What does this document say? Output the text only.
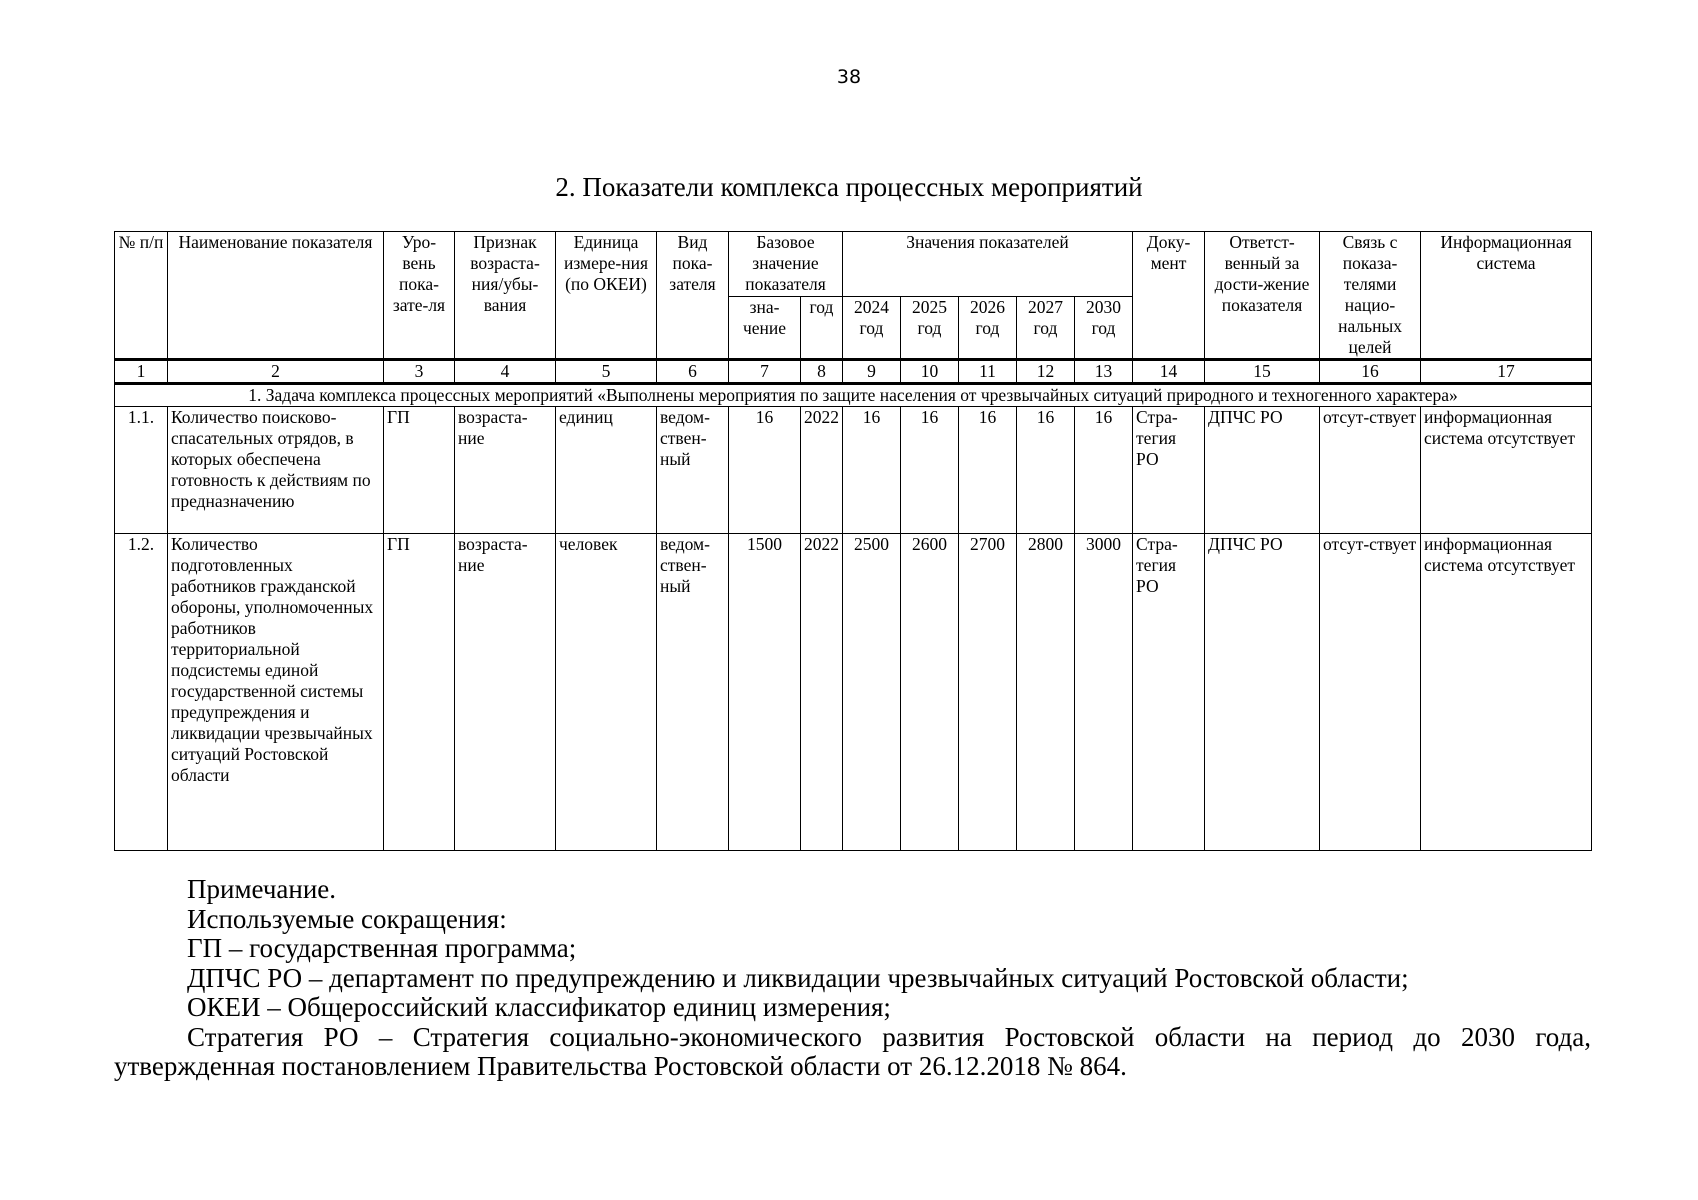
38
2. Показатели комплекса процессных мероприятий
№ п/п	Наименование показателя	Уро-вень пока-зате-ля	Признак возраста-ния/убы-вания	Единица измере-ния (по ОКЕИ)	Вид пока-зателя	Базовое значение показателя		Значения показателей					Доку-мент	Ответст-венный за дости-жение показателя	Связь с показа-телями нацио-нальных целей	Информационная система
						зна-чение	год	2024 год	2025 год	2026 год	2027 год	2030 год				
1	2	3	4	5	6	7	8	9	10	11	12	13	14	15	16	17
1. Задача комплекса процессных мероприятий «Выполнены мероприятия по защите населения от чрезвычайных ситуаций природного и техногенного характера»																
1.1.	Количество поисково-спасательных отрядов, в которых обеспечена готовность к действиям по предназначению	ГП	возраста-ние	единиц	ведом-ствен-ный	16	2022	16	16	16	16	16	Стра-тегия РО	ДПЧС РО	отсут-ствует	информационная система отсутствует
1.2.	Количество подготовленных работников гражданской обороны, уполномоченных работников территориальной подсистемы единой государственной системы предупреждения и ликвидации чрезвычайных ситуаций Ростовской области	ГП	возраста-ние	человек	ведом-ствен-ный	1500	2022	2500	2600	2700	2800	3000	Стра-тегия РО	ДПЧС РО	отсут-ствует	информационная система отсутствует

Примечание.

Используемые сокращения:

ГП – государственная программа;

ДПЧС РО – департамент по предупреждению и ликвидации чрезвычайных ситуаций Ростовской области;

ОКЕИ – Общероссийский классификатор единиц измерения;

Стратегия РО – Стратегия социально-экономического развития Ростовской области на период до 2030 года, утвержденная постановлением Правительства Ростовской области от 26.12.2018 № 864.
